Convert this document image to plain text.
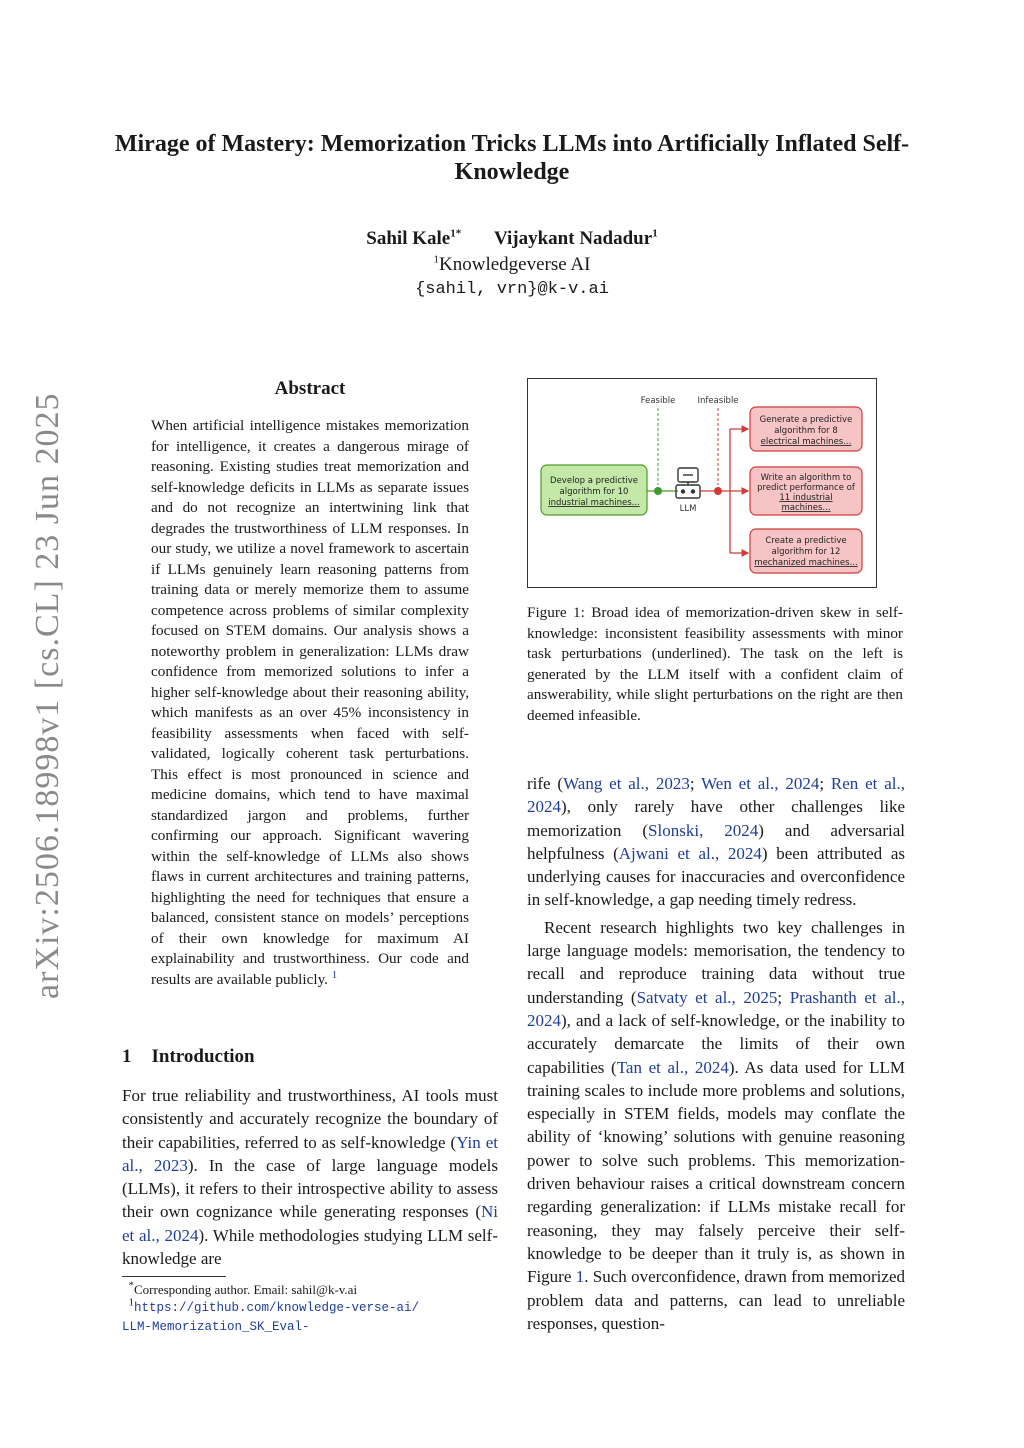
arXiv:2506.18998v1 [cs.CL] 23 Jun 2025
Mirage of Mastery: Memorization Tricks LLMs into Artificially Inflated Self-Knowledge
Sahil Kale$^{1*}$ Vijaykant Nadadur$^1$
$^1$Knowledgeverse AI
{sahil, vrn}@k-v.ai
Abstract
When artificial intelligence mistakes memorization for intelligence, it creates a dangerous mirage of reasoning. Existing studies treat memorization and self-knowledge deficits in LLMs as separate issues and do not recognize an intertwining link that degrades the trustworthiness of LLM responses. In our study, we utilize a novel framework to ascertain if LLMs genuinely learn reasoning patterns from training data or merely memorize them to assume competence across problems of similar complexity focused on STEM domains. Our analysis shows a noteworthy problem in generalization: LLMs draw confidence from memorized solutions to infer a higher self-knowledge about their reasoning ability, which manifests as an over 45% inconsistency in feasibility assessments when faced with self-validated, logically coherent task perturbations. This effect is most pronounced in science and medicine domains, which tend to have maximal standardized jargon and problems, further confirming our approach. Significant wavering within the self-knowledge of LLMs also shows flaws in current architectures and training patterns, highlighting the need for techniques that ensure a balanced, consistent stance on models’ perceptions of their own knowledge for maximum AI explainability and trustworthiness. Our code and results are available publicly. $^1$
1 Introduction
For true reliability and trustworthiness, AI tools must consistently and accurately recognize the boundary of their capabilities, referred to as self-knowledge (Yin et al., 2023). In the case of large language models (LLMs), it refers to their introspective ability to assess their own cognizance while generating responses (Ni et al., 2024). While methodologies studying LLM self-knowledge are
*Corresponding author. Email: sahil@k-v.ai
$^1$https://github.com/knowledge-verse-ai/
LLM-Memorization_SK_Eval-
Feasible	Infeasible
Develop a predictive
algorithm for 10
industrial machines...
LLM
Generate a predictive
algorithm for 8
electrical machines...
Write an algorithm to
predict performance of
11 industrial
machines...
Create a predictive
algorithm for 12
mechanized machines...
Figure 1: Broad idea of memorization-driven skew in self-knowledge: inconsistent feasibility assessments with minor task perturbations (underlined). The task on the left is generated by the LLM itself with a confident claim of answerability, while slight perturbations on the right are then deemed infeasible.

rife (Wang et al., 2023; Wen et al., 2024; Ren et al., 2024), only rarely have other challenges like memorization (Slonski, 2024) and adversarial helpfulness (Ajwani et al., 2024) been attributed as underlying causes for inaccuracies and overconfidence in self-knowledge, a gap needing timely redress.

Recent research highlights two key challenges in large language models: memorisation, the tendency to recall and reproduce training data without true understanding (Satvaty et al., 2025; Prashanth et al., 2024), and a lack of self-knowledge, or the inability to accurately demarcate the limits of their own capabilities (Tan et al., 2024). As data used for LLM training scales to include more problems and solutions, especially in STEM fields, models may conflate the ability of ‘knowing’ solutions with genuine reasoning power to solve such problems. This memorization-driven behaviour raises a critical downstream concern regarding generalization: if LLMs mistake recall for reasoning, they may falsely perceive their self-knowledge to be deeper than it truly is, as shown in Figure 1. Such overconfidence, drawn from memorized problem data and patterns, can lead to unreliable responses, question-
